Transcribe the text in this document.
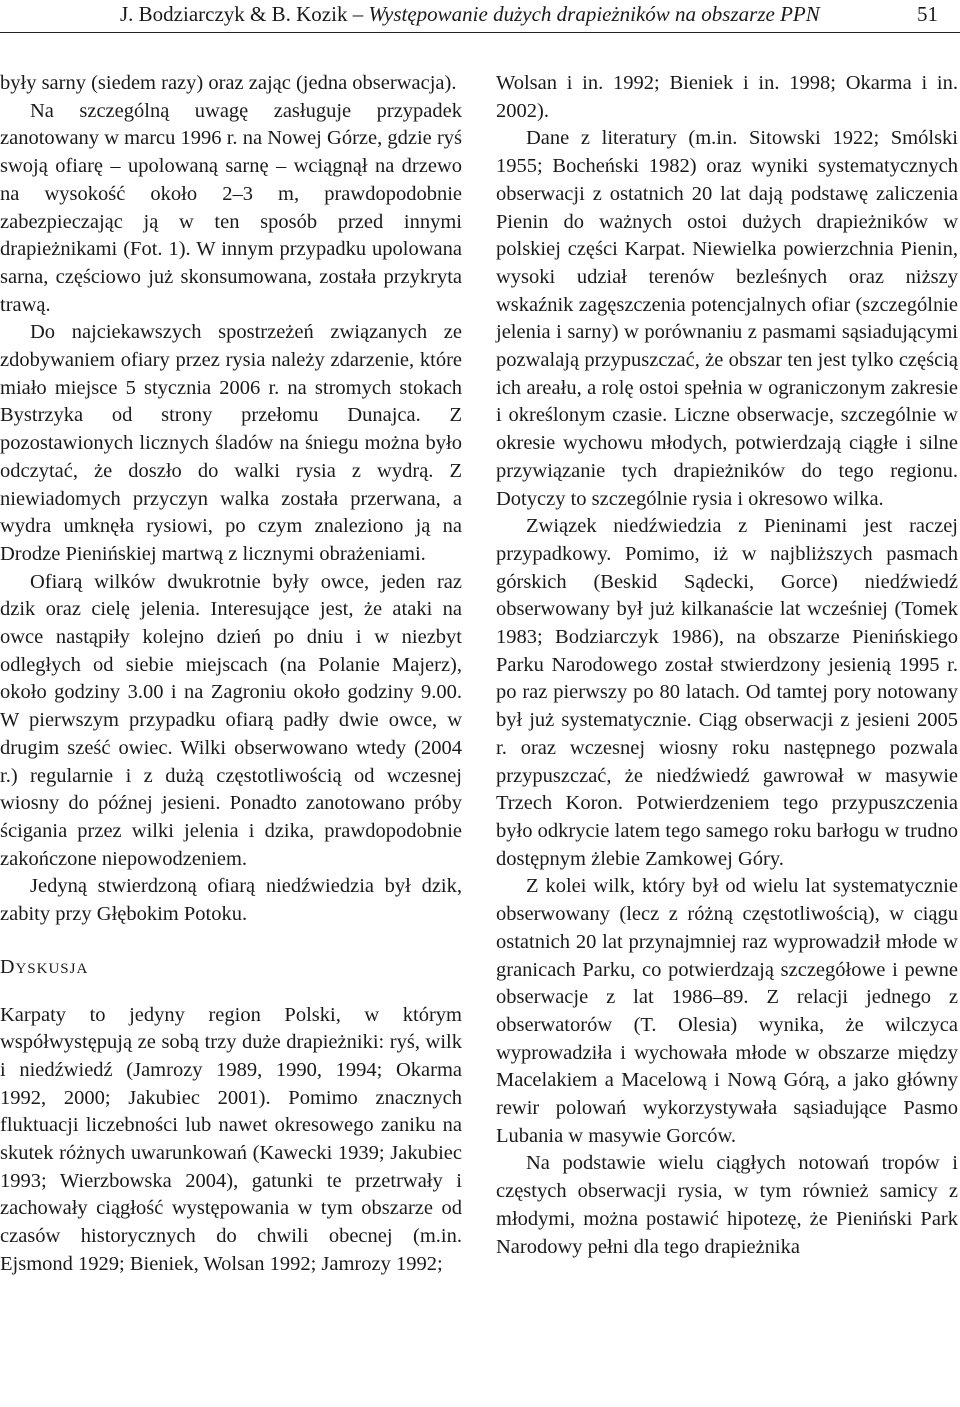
J. Bodziarczyk & B. Kozik – Występowanie dużych drapieżników na obszarze PPN	51

były sarny (siedem razy) oraz zając (jedna obserwacja).

Na szczególną uwagę zasługuje przypadek zanotowany w marcu 1996 r. na Nowej Górze, gdzie ryś swoją ofiarę – upolowaną sarnę – wciągnął na drzewo na wysokość około 2–3 m, prawdopodobnie zabezpieczając ją w ten sposób przed innymi drapieżnikami (Fot. 1). W innym przypadku upolowana sarna, częściowo już skonsumowana, została przykryta trawą.

Do najciekawszych spostrzeżeń związanych ze zdobywaniem ofiary przez rysia należy zdarzenie, które miało miejsce 5 stycznia 2006 r. na stromych stokach Bystrzyka od strony przełomu Dunajca. Z pozostawionych licznych śladów na śniegu można było odczytać, że doszło do walki rysia z wydrą. Z niewiadomych przyczyn walka została przerwana, a wydra umknęła rysiowi, po czym znaleziono ją na Drodze Pienińskiej martwą z licznymi obrażeniami.

Ofiarą wilków dwukrotnie były owce, jeden raz dzik oraz cielę jelenia. Interesujące jest, że ataki na owce nastąpiły kolejno dzień po dniu i w niezbyt odległych od siebie miejscach (na Polanie Majerz), około godziny 3.00 i na Zagroniu około godziny 9.00. W pierwszym przypadku ofiarą padły dwie owce, w drugim sześć owiec. Wilki obserwowano wtedy (2004 r.) regularnie i z dużą częstotliwością od wczesnej wiosny do późnej jesieni. Ponadto zanotowano próby ścigania przez wilki jelenia i dzika, prawdopodobnie zakończone niepowodzeniem.

Jedyną stwierdzoną ofiarą niedźwiedzia był dzik, zabity przy Głębokim Potoku.

DYSKUSJA

Karpaty to jedyny region Polski, w którym współwystępują ze sobą trzy duże drapieżniki: ryś, wilk i niedźwiedź (Jamrozy 1989, 1990, 1994; Okarma 1992, 2000; Jakubiec 2001). Pomimo znacznych fluktuacji liczebności lub nawet okresowego zaniku na skutek różnych uwarunkowań (Kawecki 1939; Jakubiec 1993; Wierzbowska 2004), gatunki te przetrwały i zachowały ciągłość występowania w tym obszarze od czasów historycznych do chwili obecnej (m.in. Ejsmond 1929; Bieniek, Wolsan 1992; Jamrozy 1992;

Wolsan i in. 1992; Bieniek i in. 1998; Okarma i in. 2002).

Dane z literatury (m.in. Sitowski 1922; Smólski 1955; Bocheński 1982) oraz wyniki systematycznych obserwacji z ostatnich 20 lat dają podstawę zaliczenia Pienin do ważnych ostoi dużych drapieżników w polskiej części Karpat. Niewielka powierzchnia Pienin, wysoki udział terenów bezleśnych oraz niższy wskaźnik zagęszczenia potencjalnych ofiar (szczególnie jelenia i sarny) w porównaniu z pasmami sąsiadującymi pozwalają przypuszczać, że obszar ten jest tylko częścią ich areału, a rolę ostoi spełnia w ograniczonym zakresie i określonym czasie. Liczne obserwacje, szczególnie w okresie wychowu młodych, potwierdzają ciągłe i silne przywiązanie tych drapieżników do tego regionu. Dotyczy to szczególnie rysia i okresowo wilka.

Związek niedźwiedzia z Pieninami jest raczej przypadkowy. Pomimo, iż w najbliższych pasmach górskich (Beskid Sądecki, Gorce) niedźwiedź obserwowany był już kilkanaście lat wcześniej (Tomek 1983; Bodziarczyk 1986), na obszarze Pienińskiego Parku Narodowego został stwierdzony jesienią 1995 r. po raz pierwszy po 80 latach. Od tamtej pory notowany był już systematycznie. Ciąg obserwacji z jesieni 2005 r. oraz wczesnej wiosny roku następnego pozwala przypuszczać, że niedźwiedź gawrował w masywie Trzech Koron. Potwierdzeniem tego przypuszczenia było odkrycie latem tego samego roku barłogu w trudno dostępnym żlebie Zamkowej Góry.

Z kolei wilk, który był od wielu lat systematycznie obserwowany (lecz z różną częstotliwością), w ciągu ostatnich 20 lat przynajmniej raz wyprowadził młode w granicach Parku, co potwierdzają szczegółowe i pewne obserwacje z lat 1986–89. Z relacji jednego z obserwatorów (T. Olesia) wynika, że wilczyca wyprowadziła i wychowała młode w obszarze między Macelakiem a Macelową i Nową Górą, a jako główny rewir polowań wykorzystywała sąsiadujące Pasmo Lubania w masywie Gorców.

Na podstawie wielu ciągłych notowań tropów i częstych obserwacji rysia, w tym również samicy z młodymi, można postawić hipotezę, że Pieniński Park Narodowy pełni dla tego drapieżnika
